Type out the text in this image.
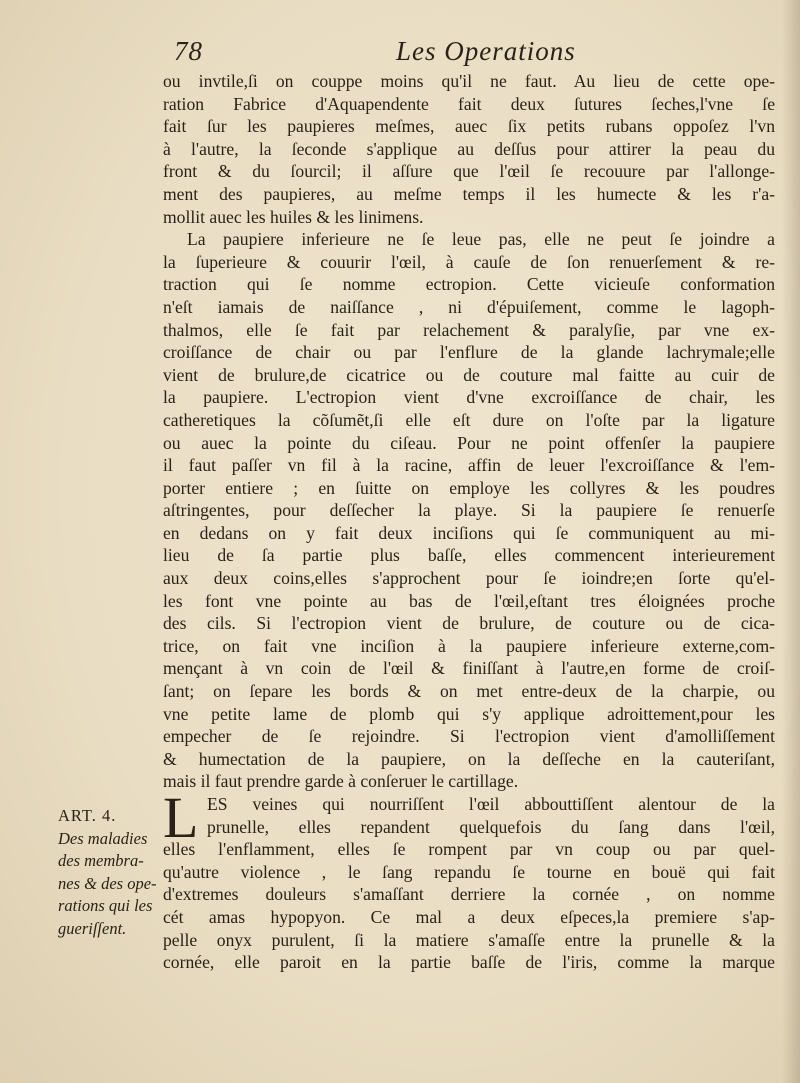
78	Les Operations
ART. 4.
Des maladies
des membra-
nes & des ope-
rations qui les
gueriſſent.
ou invtile,ſi on couppe moins qu'il ne faut. Au lieu de cette ope-
ration Fabrice d'Aquapendente fait deux ſutures ſeches,l'vne ſe
fait ſur les paupieres meſmes, auec ſix petits rubans oppoſez l'vn
à l'autre, la ſeconde s'applique au deſſus pour attirer la peau du
front & du ſourcil; il aſſure que l'œil ſe recouure par l'allonge-
ment des paupieres, au meſme temps il les humecte & les r'a-
mollit auec les huiles & les linimens.
La paupiere inferieure ne ſe leue pas, elle ne peut ſe joindre a
la ſuperieure & couurir l'œil, à cauſe de ſon renuerſement & re-
traction qui ſe nomme ectropion. Cette vicieuſe conformation
n'eſt iamais de naiſſance , ni d'épuiſement, comme le lagoph-
thalmos, elle ſe fait par relachement & paralyſie, par vne ex-
croiſſance de chair ou par l'enflure de la glande lachrymale;elle
vient de brulure,de cicatrice ou de couture mal faitte au cuir de
la paupiere. L'ectropion vient d'vne excroiſſance de chair, les
catheretiques la cõſumẽt,ſi elle eſt dure on l'oſte par la ligature
ou auec la pointe du ciſeau. Pour ne point offenſer la paupiere
il faut paſſer vn fil à la racine, affin de leuer l'excroiſſance & l'em-
porter entiere ; en ſuitte on employe les collyres & les poudres
aſtringentes, pour deſſecher la playe. Si la paupiere ſe renuerſe
en dedans on y fait deux inciſions qui ſe communiquent au mi-
lieu de ſa partie plus baſſe, elles commencent interieurement
aux deux coins,elles s'approchent pour ſe ioindre;en ſorte qu'el-
les font vne pointe au bas de l'œil,eſtant tres éloignées proche
des cils. Si l'ectropion vient de brulure, de couture ou de cica-
trice, on fait vne inciſion à la paupiere inferieure externe,com-
mençant à vn coin de l'œil & finiſſant à l'autre,en forme de croiſ-
ſant; on ſepare les bords & on met entre-deux de la charpie, ou
vne petite lame de plomb qui s'y applique adroittement,pour les
empecher de ſe rejoindre. Si l'ectropion vient d'amolliſſement
& humectation de la paupiere, on la deſſeche en la cauteriſant,
mais il faut prendre garde à conſeruer le cartillage.
L ES veines qui nourriſſent l'œil abbouttiſſent alentour de la
prunelle, elles repandent quelquefois du ſang dans l'œil,
elles l'enflamment, elles ſe rompent par vn coup ou par quel-
qu'autre violence , le ſang repandu ſe tourne en bouë qui fait
d'extremes douleurs s'amaſſant derriere la cornée , on nomme
cét amas hypopyon. Ce mal a deux eſpeces,la premiere s'ap-
pelle onyx purulent, ſi la matiere s'amaſſe entre la prunelle & la
cornée, elle paroit en la partie baſſe de l'iris, comme la marque
